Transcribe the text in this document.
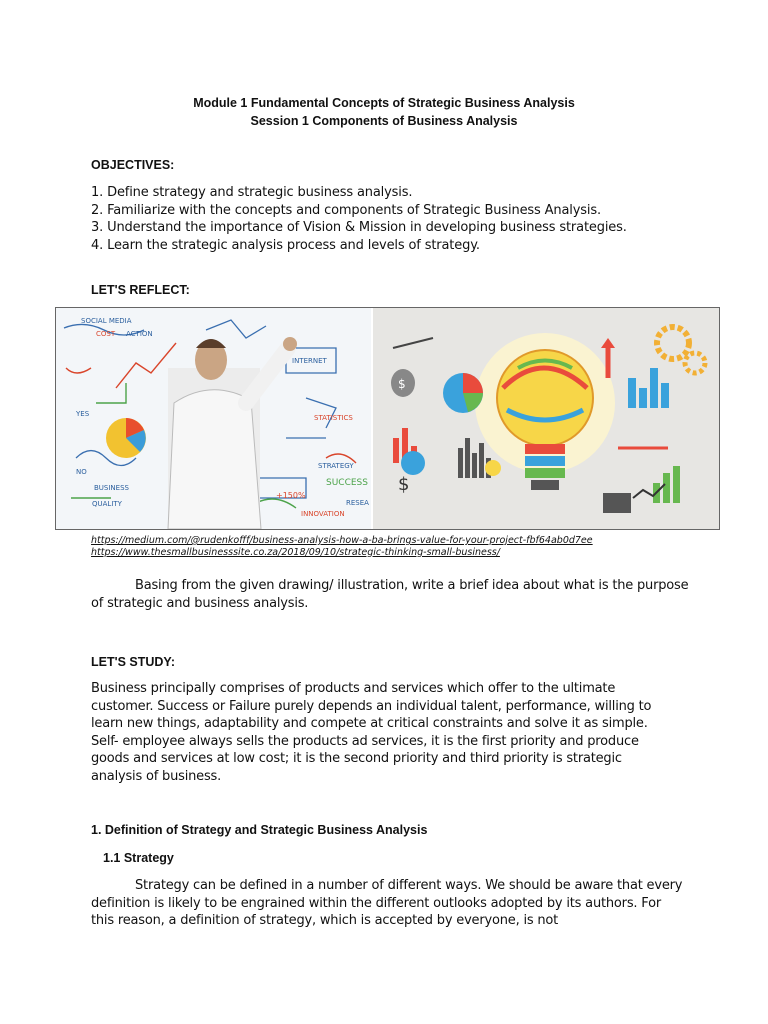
Module 1 Fundamental Concepts of Strategic Business Analysis
Session 1 Components of Business Analysis
OBJECTIVES:
1. Define strategy and strategic business analysis.
2. Familiarize with the concepts and components of Strategic Business Analysis.
3. Understand the importance of Vision & Mission in developing business strategies.
4. Learn the strategic analysis process and levels of strategy.
LET'S REFLECT:
SOCIAL MEDIA
COST ACTION
INTERNET
STATISTICS
STRATEGY
SUCCESS
QUALITY
BUSINESS
INNOVATION
+150%
YES
NO
RESEA
$
$
https://medium.com/@rudenkofff/business-analysis-how-a-ba-brings-value-for-your-project-fbf64ab0d7ee
https://www.thesmallbusinesssite.co.za/2018/09/10/strategic-thinking-small-business/

Basing from the given drawing/ illustration, write a brief idea about what is the purpose of strategic and business analysis.

LET'S STUDY:

Business principally comprises of products and services which offer to the ultimate customer. Success or Failure purely depends an individual talent, performance, willing to learn new things, adaptability and compete at critical constraints and solve it as simple. Self- employee always sells the products ad services, it is the first priority and produce goods and services at low cost; it is the second priority and third priority is strategic analysis of business.

1. Definition of Strategy and Strategic Business Analysis
1.1 Strategy

Strategy can be defined in a number of different ways. We should be aware that every definition is likely to be engrained within the different outlooks adopted by its authors. For this reason, a definition of strategy, which is accepted by everyone, is not
